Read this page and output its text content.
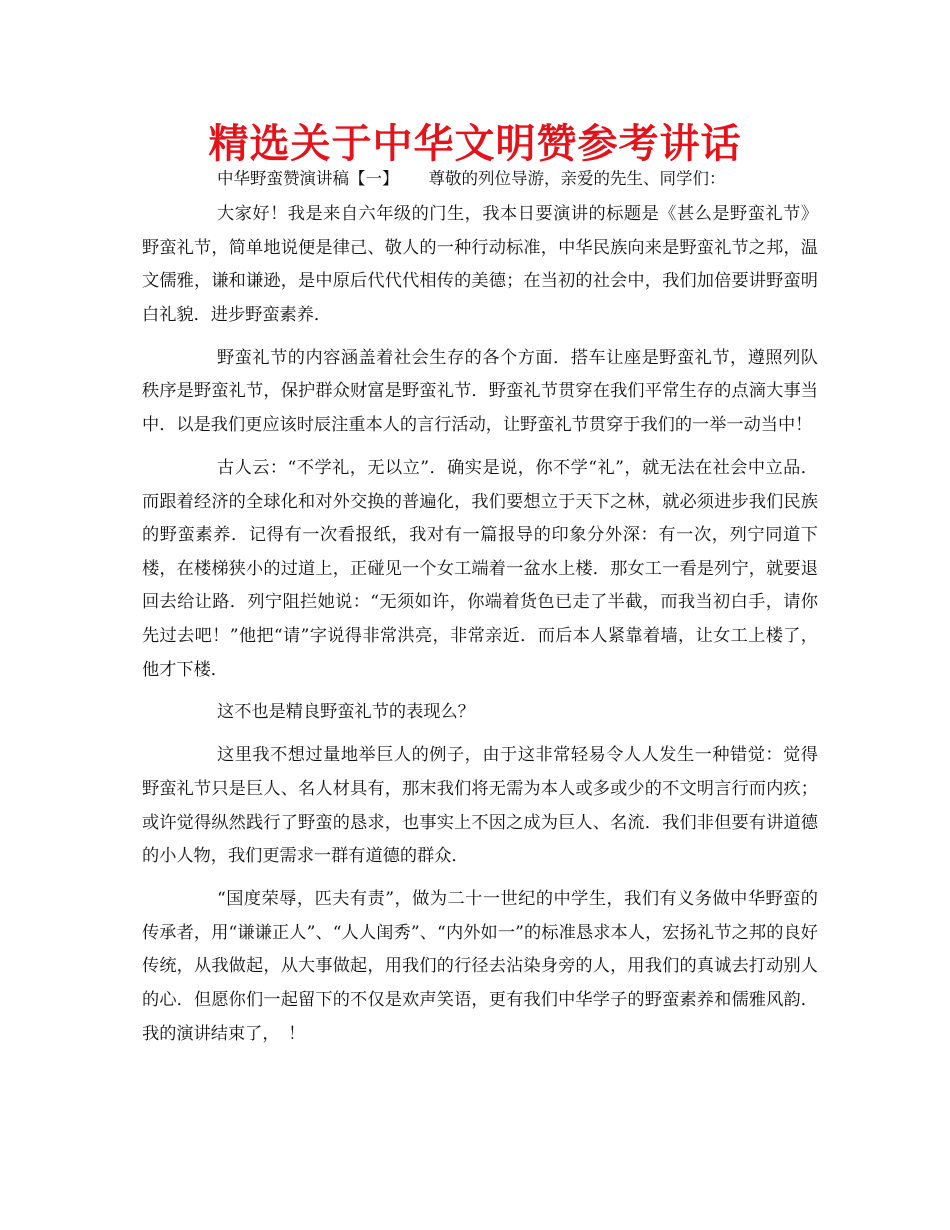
精选关于中华文明赞参考讲话
中华野蛮赞演讲稿【一】 尊敬的列位导游，亲爱的先生、同学们：

大家好！我是来自六年级的门生，我本日要演讲的标题是《甚么是野蛮礼节》野蛮礼节，简单地说便是律己、敬人的一种行动标准，中华民族向来是野蛮礼节之邦，温文儒雅，谦和谦逊，是中原后代代代相传的美德；在当初的社会中，我们加倍要讲野蛮明白礼貌．进步野蛮素养．

野蛮礼节的内容涵盖着社会生存的各个方面．搭车让座是野蛮礼节，遵照列队秩序是野蛮礼节，保护群众财富是野蛮礼节．野蛮礼节贯穿在我们平常生存的点滴大事当中．以是我们更应该时辰注重本人的言行活动，让野蛮礼节贯穿于我们的一举一动当中！

古人云：“不学礼，无以立”．确实是说，你不学“礼”，就无法在社会中立品．而跟着经济的全球化和对外交换的普遍化，我们要想立于天下之林，就必须进步我们民族的野蛮素养．记得有一次看报纸，我对有一篇报导的印象分外深：有一次，列宁同道下楼，在楼梯狭小的过道上，正碰见一个女工端着一盆水上楼．那女工一看是列宁，就要退回去给让路．列宁阻拦她说：“无须如许，你端着货色已走了半截，而我当初白手，请你先过去吧！”他把“请”字说得非常洪亮，非常亲近．而后本人紧靠着墙，让女工上楼了，他才下楼．

这不也是精良野蛮礼节的表现么？

这里我不想过量地举巨人的例子，由于这非常轻易令人人发生一种错觉：觉得野蛮礼节只是巨人、名人材具有，那末我们将无需为本人或多或少的不文明言行而内疚；或许觉得纵然践行了野蛮的恳求，也事实上不因之成为巨人、名流．我们非但要有讲道德的小人物，我们更需求一群有道德的群众．

“国度荣辱，匹夫有责”，做为二十一世纪的中学生，我们有义务做中华野蛮的传承者，用“谦谦正人”、“人人闺秀”、“内外如一”的标准恳求本人，宏扬礼节之邦的良好传统，从我做起，从大事做起，用我们的行径去沾染身旁的人，用我们的真诚去打动别人的心．但愿你们一起留下的不仅是欢声笑语，更有我们中华学子的野蛮素养和儒雅风韵．我的演讲结束了，　！
